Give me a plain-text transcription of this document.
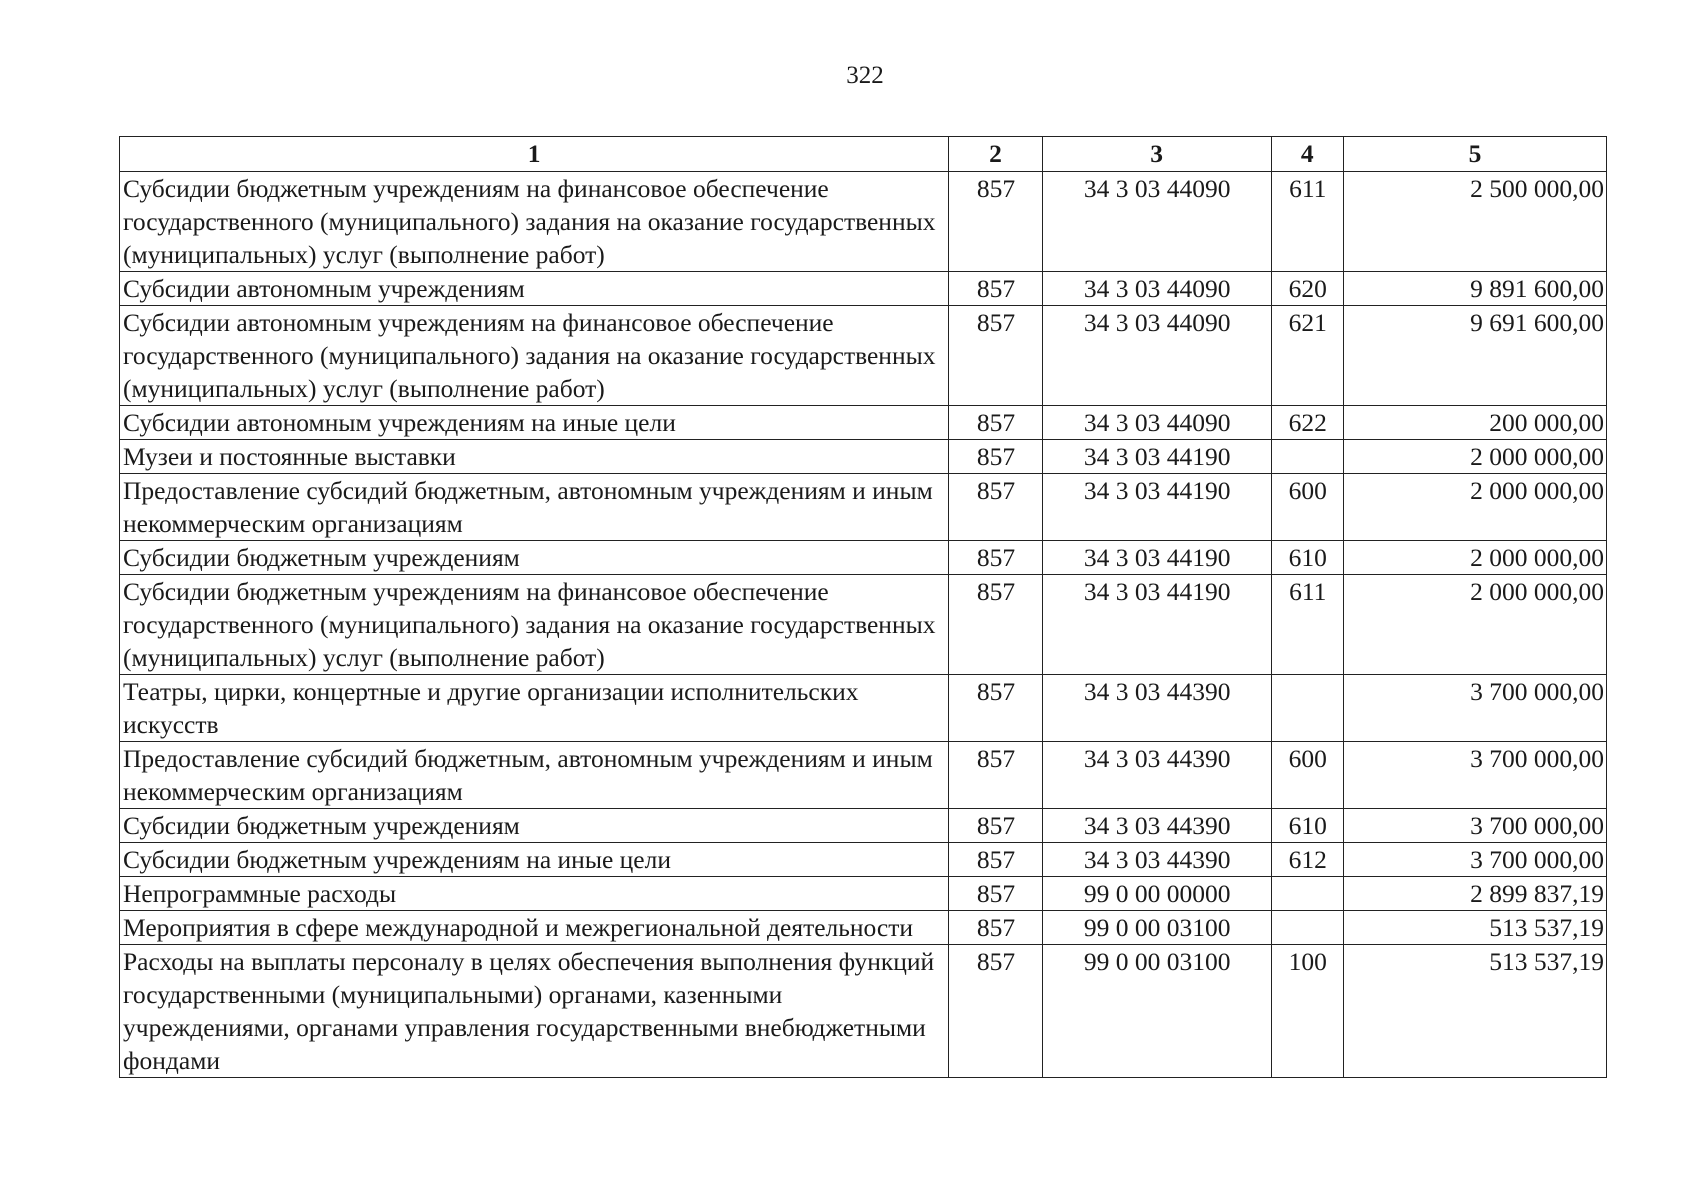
322
1	2	3	4	5
Субсидии бюджетным учреждениям на финансовое обеспечение государственного (муниципального) задания на оказание государственных (муниципальных) услуг (выполнение работ)	857	34 3 03 44090	611	2 500 000,00
Субсидии автономным учреждениям	857	34 3 03 44090	620	9 891 600,00
Субсидии автономным учреждениям на финансовое обеспечение государственного (муниципального) задания на оказание государственных (муниципальных) услуг (выполнение работ)	857	34 3 03 44090	621	9 691 600,00
Субсидии автономным учреждениям на иные цели	857	34 3 03 44090	622	200 000,00
Музеи и постоянные выставки	857	34 3 03 44190		2 000 000,00
Предоставление субсидий бюджетным, автономным учреждениям и иным некоммерческим организациям	857	34 3 03 44190	600	2 000 000,00
Субсидии бюджетным учреждениям	857	34 3 03 44190	610	2 000 000,00
Субсидии бюджетным учреждениям на финансовое обеспечение государственного (муниципального) задания на оказание государственных (муниципальных) услуг (выполнение работ)	857	34 3 03 44190	611	2 000 000,00
Театры, цирки, концертные и другие организации исполнительских искусств	857	34 3 03 44390		3 700 000,00
Предоставление субсидий бюджетным, автономным учреждениям и иным некоммерческим организациям	857	34 3 03 44390	600	3 700 000,00
Субсидии бюджетным учреждениям	857	34 3 03 44390	610	3 700 000,00
Субсидии бюджетным учреждениям на иные цели	857	34 3 03 44390	612	3 700 000,00
Непрограммные расходы	857	99 0 00 00000		2 899 837,19
Мероприятия в сфере международной и межрегиональной деятельности	857	99 0 00 03100		513 537,19
Расходы на выплаты персоналу в целях обеспечения выполнения функций государственными (муниципальными) органами, казенными учреждениями, органами управления государственными внебюджетными фондами	857	99 0 00 03100	100	513 537,19
